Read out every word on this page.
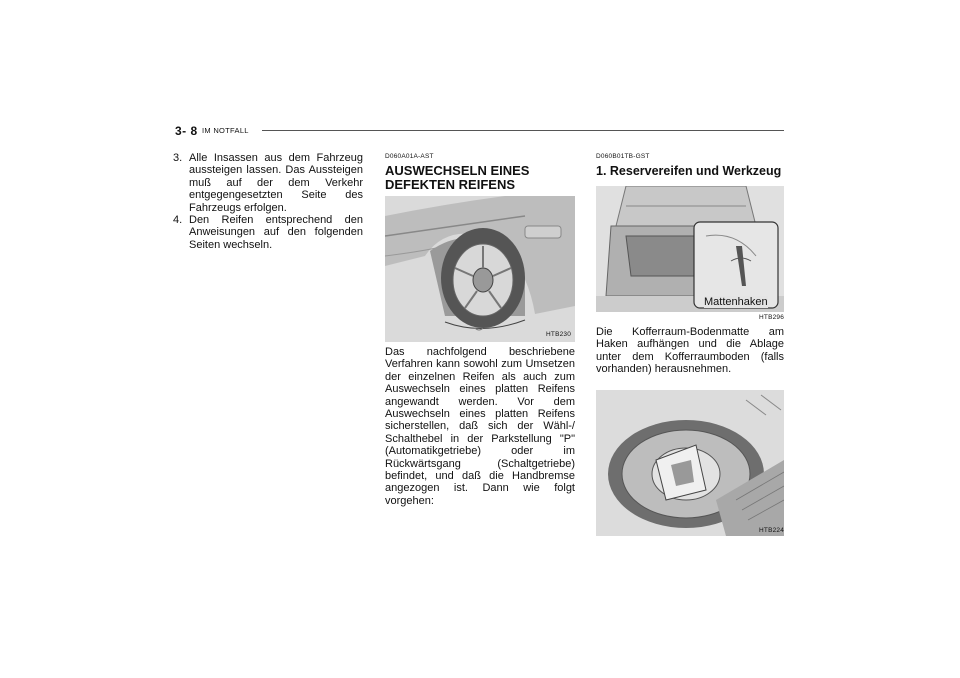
3- 8 IM NOTFALL
3. Alle Insassen aus dem Fahrzeug aussteigen lassen. Das Aussteigen muß auf der dem Verkehr entgegengesetzten Seite des Fahrzeugs erfolgen.
4. Den Reifen entsprechend den Anweisungen auf den folgenden Seiten wechseln.
D060A01A-AST
AUSWECHSELN EINES
DEFEKTEN REIFENS
HTB230
Das nachfolgend beschriebene Verfahren kann sowohl zum Umsetzen der einzelnen Reifen als auch zum Auswechseln eines platten Reifens angewandt werden. Vor dem Auswechseln eines platten Reifens sicherstellen, daß sich der Wähl-/ Schalthebel in der Parkstellung "P" (Automatikgetriebe) oder im Rückwärtsgang (Schaltgetriebe) befindet, und daß die Handbremse angezogen ist. Dann wie folgt vorgehen:
D060B01TB-GST
1. Reservereifen und Werkzeug
Mattenhaken
HTB296
Die Kofferraum-Bodenmatte am Haken aufhängen und die Ablage unter dem Kofferraumboden (falls vorhanden) herausnehmen.
HTB224
